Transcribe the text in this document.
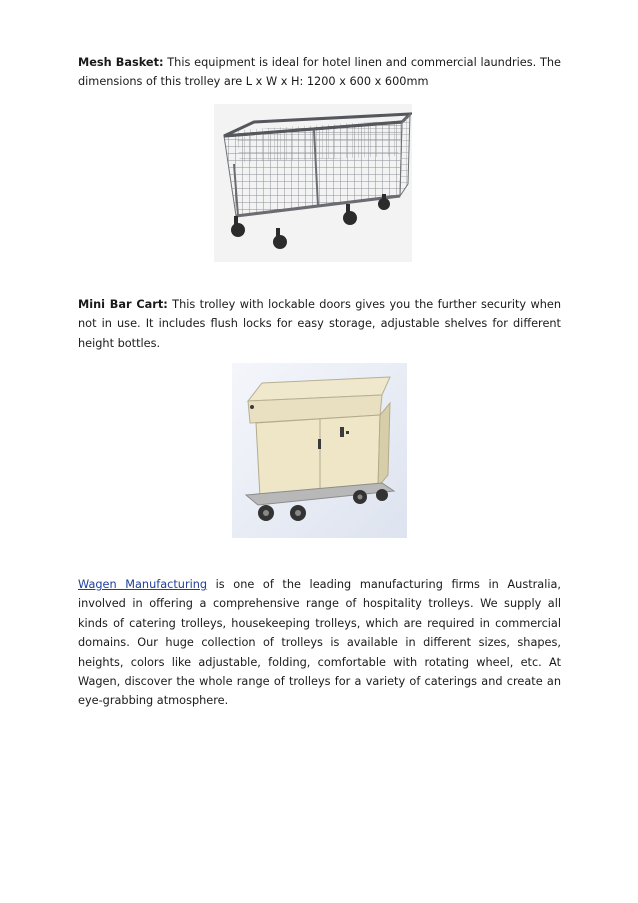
Mesh Basket: This equipment is ideal for hotel linen and commercial laundries. The dimensions of this trolley are L x W x H: 1200 x 600 x 600mm

Mini Bar Cart: This trolley with lockable doors gives you the further security when not in use. It includes flush locks for easy storage, adjustable shelves for different height bottles.

Wagen Manufacturing is one of the leading manufacturing firms in Australia, involved in offering a comprehensive range of hospitality trolleys. We supply all kinds of catering trolleys, housekeeping trolleys, which are required in commercial domains. Our huge collection of trolleys is available in different sizes, shapes, heights, colors like adjustable, folding, comfortable with rotating wheel, etc. At Wagen, discover the whole range of trolleys for a variety of caterings and create an eye-grabbing atmosphere.
